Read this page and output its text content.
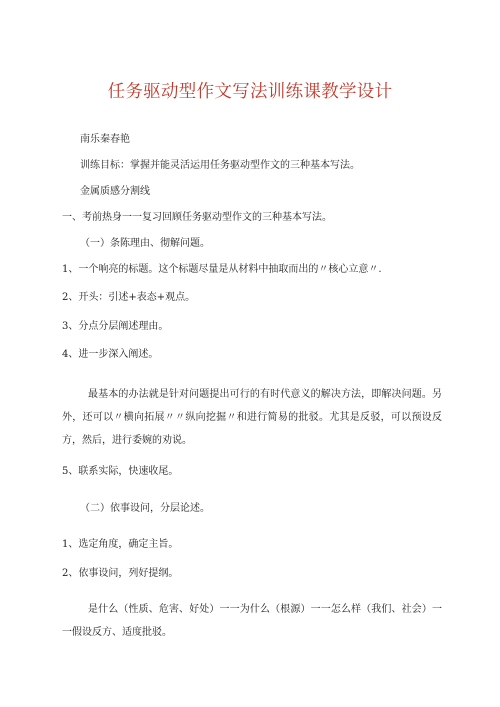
任务驱动型作文写法训练课教学设计
南乐秦春艳
训练目标：掌握并能灵活运用任务驱动型作文的三种基本写法。
金属质感分割线
一、考前热身一一复习回顾任务驱动型作文的三种基本写法。
（一）条陈理由、彻解问题。
1、一个响亮的标题。这个标题尽量是从材料中抽取而出的〃核心立意〃.
2、开头：引述+表态+观点。
3、分点分层阐述理由。
4、进一步深入阐述。
最基本的办法就是针对问题提出可行的有时代意义的解决方法，即解决问题。另外，还可以〃横向拓展〃〃纵向挖掘〃和进行简易的批驳。尤其是反驳，可以预设反方，然后，进行委婉的劝说。
5、联系实际，快速收尾。
（二）依事设问，分层论述。
1、选定角度，确定主旨。
2、依事设问，列好提纲。
是什么（性质、危害、好处）一一为什么（根源）一一怎么样（我们、社会）一一假设反方、适度批驳。
